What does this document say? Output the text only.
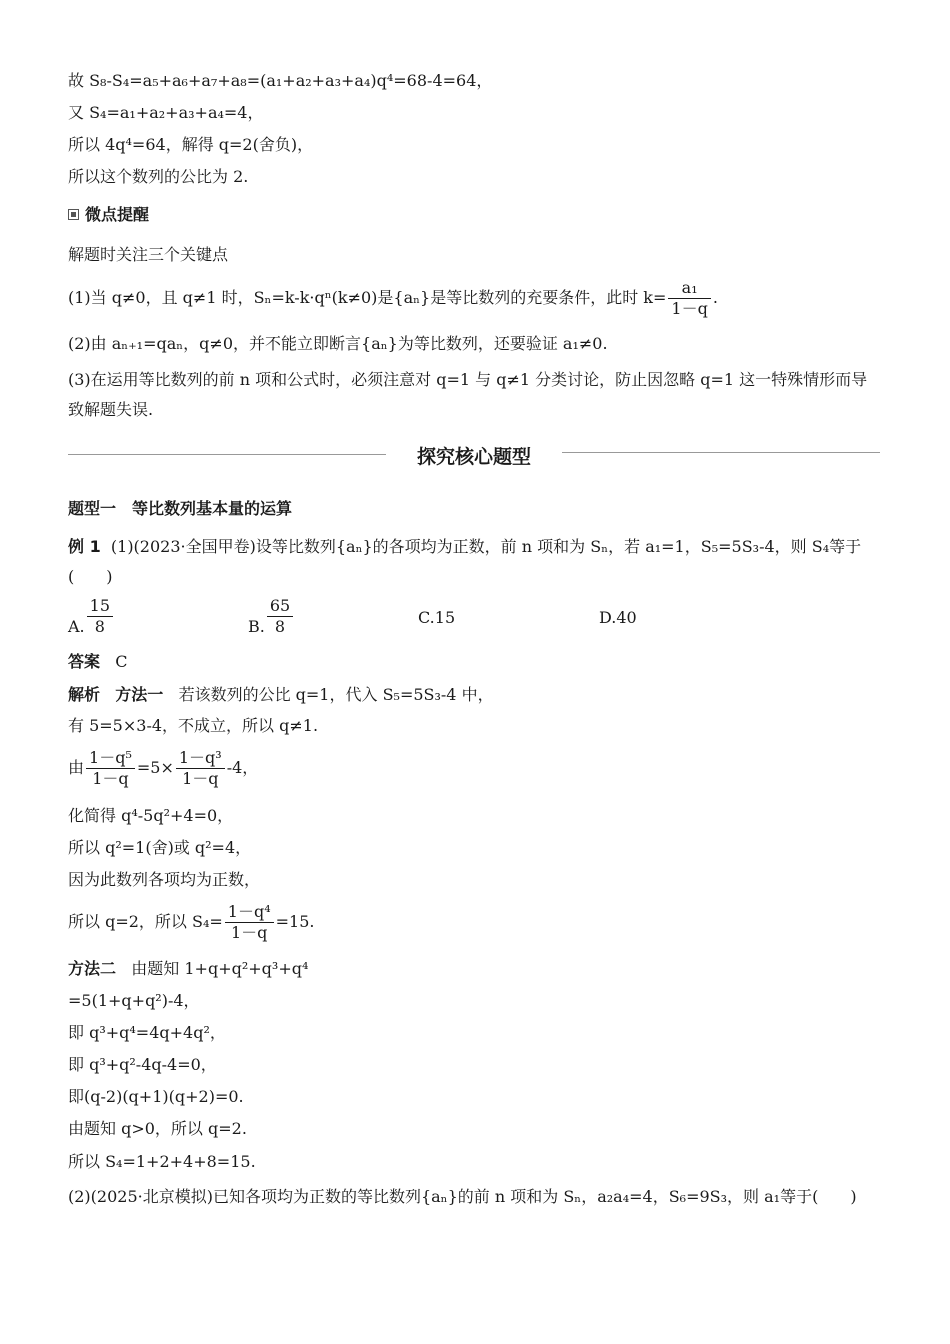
故 S₈-S₄=a₅+a₆+a₇+a₈=(a₁+a₂+a₃+a₄)q⁴=68-4=64，
又 S₄=a₁+a₂+a₃+a₄=4，
所以 4q⁴=64，解得 q=2(舍负)，
所以这个数列的公比为 2.
微点提醒
解题时关注三个关键点
(1)当 q≠0，且 q≠1 时，Sₙ=k-k·qⁿ(k≠0)是{aₙ}是等比数列的充要条件，此时 $k= \frac{\text{a₁}}{1-q}$ .
(2)由 aₙ₊₁=qaₙ，q≠0，并不能立即断言{aₙ}为等比数列，还要验证 a₁≠0.
(3)在运用等比数列的前 n 项和公式时，必须注意对 q=1 与 q≠1 分类讨论，防止因忽略 q=1 这一特殊情形而导致解题失误.
探究核心题型
题型一　等比数列基本量的运算
例 1 (1)(2023·全国甲卷)设等比数列{aₙ}的各项均为正数，前 n 项和为 Sₙ，若 a₁=1，S₅=5S₃-4，则 S₄等于(　　)
A. $\frac{15}{8}$	B. $\frac{65}{8}$	C.15	D.40
答案 C
解析 方法一 若该数列的公比 q=1，代入 S₅=5S₃-4 中，
有 5=5×3-4，不成立，所以 q≠1.
由 $\frac{\text{1－q⁵}}{1-q} =5\times \frac{\text{1－q³}}{1-q} -4$，
化简得 q⁴-5q²+4=0，
所以 q²=1(舍)或 q²=4，
因为此数列各项均为正数，
所以 q=2，所以 $S_4= \frac{\text{1－q⁴}}{1-q} =15$.
方法二 由题知 1+q+q²+q³+q⁴
=5(1+q+q²)-4，
即 q³+q⁴=4q+4q²，
即 q³+q²-4q-4=0，
即(q-2)(q+1)(q+2)=0.
由题知 q>0，所以 q=2.
所以 S₄=1+2+4+8=15.
(2)(2025·北京模拟)已知各项均为正数的等比数列{aₙ}的前 n 项和为 Sₙ，a₂a₄=4，S₆=9S₃，则 a₁等于(　　)
